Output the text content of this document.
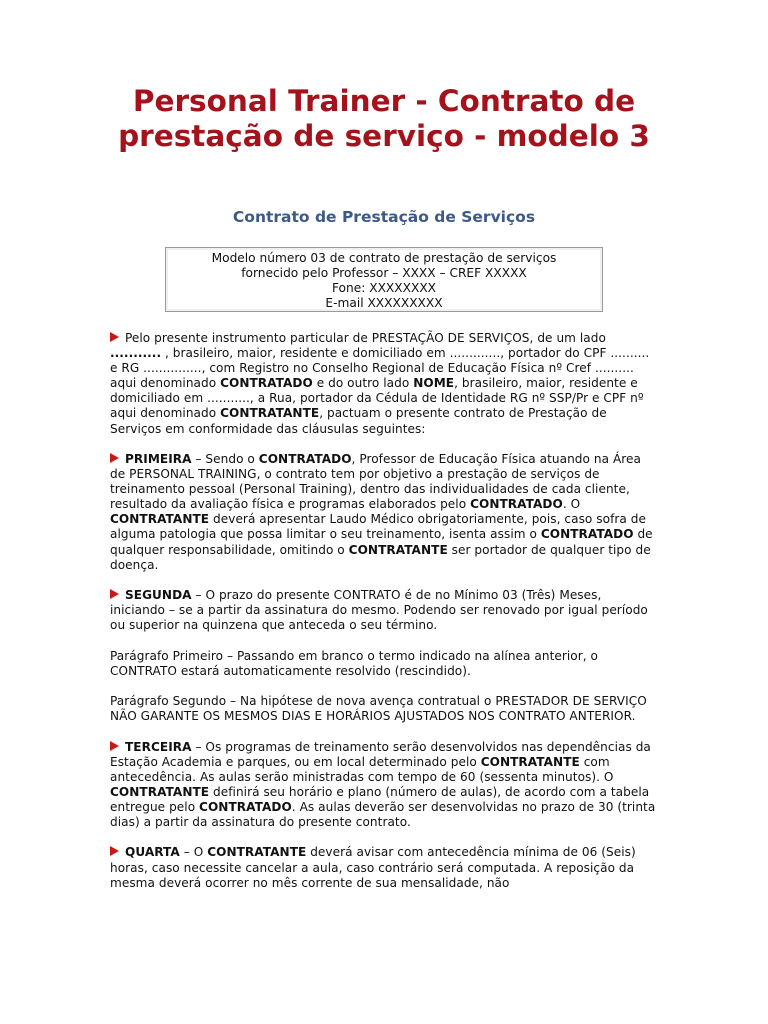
Personal Trainer - Contrato de prestação de serviço - modelo 3
Contrato de Prestação de Serviços
Modelo número 03 de contrato de prestação de serviços
fornecido pelo Professor – XXXX – CREF XXXXX
Fone: XXXXXXXX
E-mail XXXXXXXXX

Pelo presente instrumento particular de PRESTAÇÃO DE SERVIÇOS, de um lado ........... , brasileiro, maior, residente e domiciliado em ............., portador do CPF .......... e RG ..............., com Registro no Conselho Regional de Educação Física nº Cref .......... aqui denominado CONTRATADO e do outro lado NOME, brasileiro, maior, residente e domiciliado em ..........., a Rua, portador da Cédula de Identidade RG nº SSP/Pr e CPF nº aqui denominado CONTRATANTE, pactuam o presente contrato de Prestação de Serviços em conformidade das cláusulas seguintes:

PRIMEIRA – Sendo o CONTRATADO, Professor de Educação Física atuando na Área de PERSONAL TRAINING, o contrato tem por objetivo a prestação de serviços de treinamento pessoal (Personal Training), dentro das individualidades de cada cliente, resultado da avaliação física e programas elaborados pelo CONTRATADO. O CONTRATANTE deverá apresentar Laudo Médico obrigatoriamente, pois, caso sofra de alguma patologia que possa limitar o seu treinamento, isenta assim o CONTRATADO de qualquer responsabilidade, omitindo o CONTRATANTE ser portador de qualquer tipo de doença.

SEGUNDA – O prazo do presente CONTRATO é de no Mínimo 03 (Três) Meses, iniciando – se a partir da assinatura do mesmo. Podendo ser renovado por igual período ou superior na quinzena que anteceda o seu término.

Parágrafo Primeiro – Passando em branco o termo indicado na alínea anterior, o CONTRATO estará automaticamente resolvido (rescindido).

Parágrafo Segundo – Na hipótese de nova avença contratual o PRESTADOR DE SERVIÇO NÃO GARANTE OS MESMOS DIAS E HORÁRIOS AJUSTADOS NOS CONTRATO ANTERIOR.

TERCEIRA – Os programas de treinamento serão desenvolvidos nas dependências da Estação Academia e parques, ou em local determinado pelo CONTRATANTE com antecedência. As aulas serão ministradas com tempo de 60 (sessenta minutos). O CONTRATANTE definirá seu horário e plano (número de aulas), de acordo com a tabela entregue pelo CONTRATADO. As aulas deverão ser desenvolvidas no prazo de 30 (trinta dias) a partir da assinatura do presente contrato.

QUARTA – O CONTRATANTE deverá avisar com antecedência mínima de 06 (Seis) horas, caso necessite cancelar a aula, caso contrário será computada. A reposição da mesma deverá ocorrer no mês corrente de sua mensalidade, não
